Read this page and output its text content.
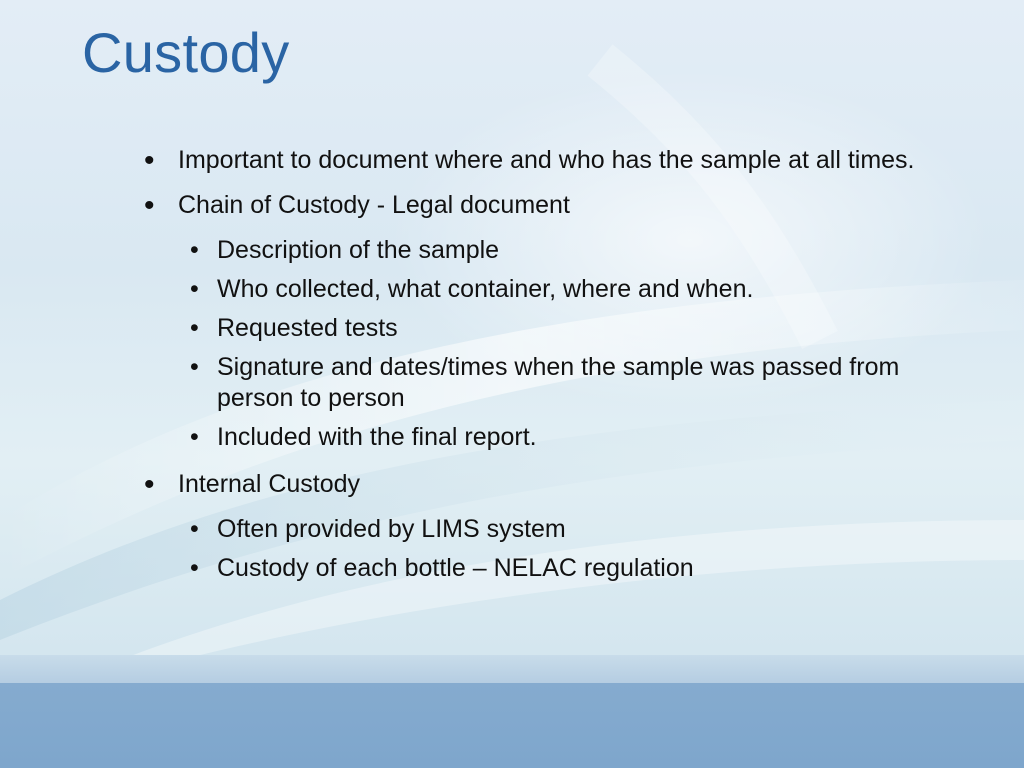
Custody
• Important to document where and who has the sample at all times.
• Chain of Custody - Legal document
• Description of the sample
• Who collected, what container, where and when.
• Requested tests
• Signature and dates/times when the sample was passed from person to person
• Included with the final report.
• Internal Custody
• Often provided by LIMS system
• Custody of each bottle – NELAC regulation
